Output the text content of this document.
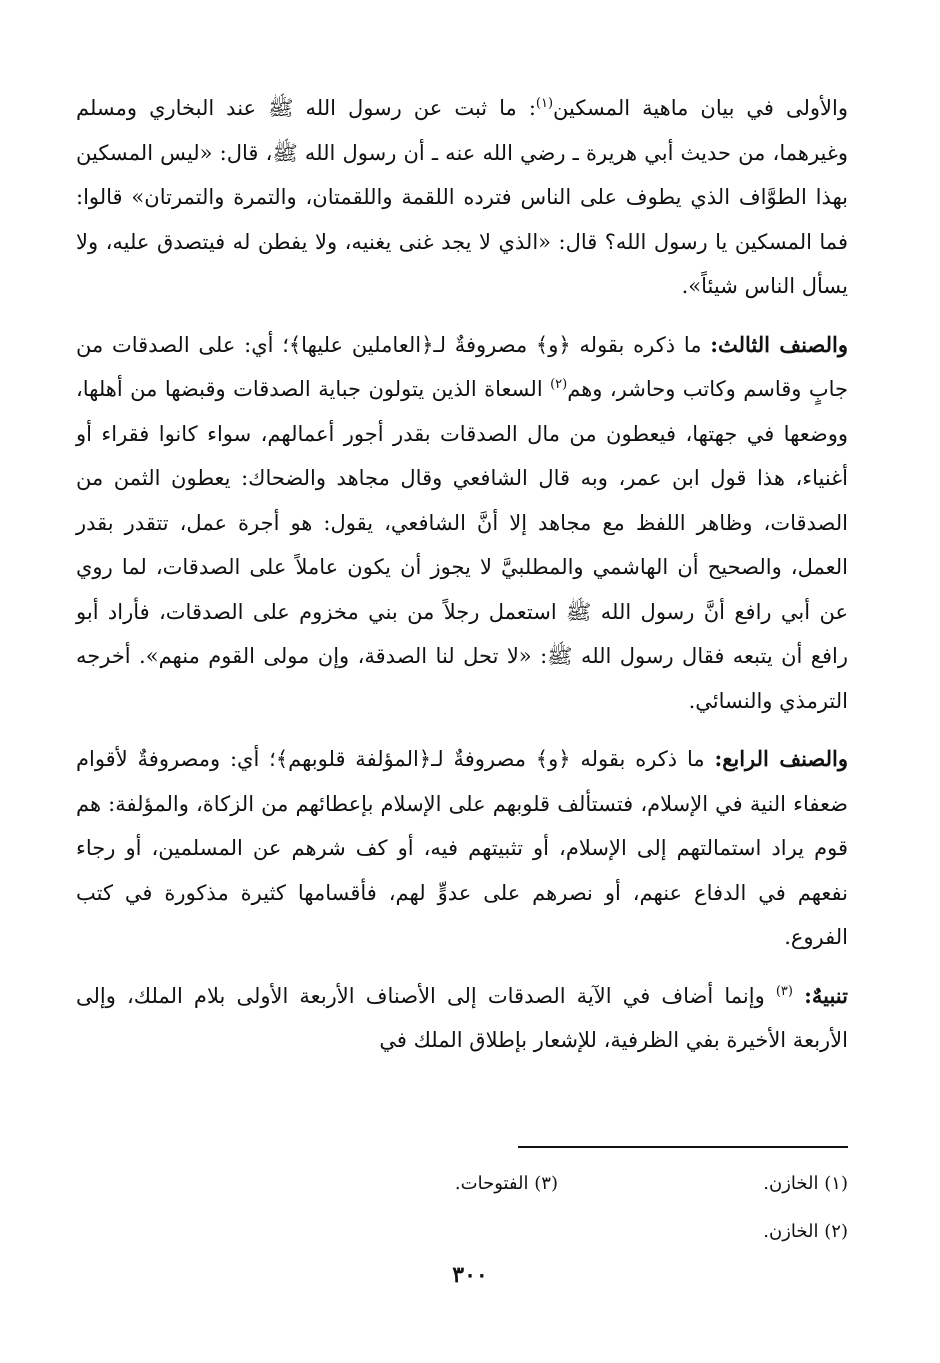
والأولى في بيان ماهية المسكين$^{(١)}$: ما ثبت عن رسول الله ﷺ عند البخاري ومسلم وغيرهما، من حديث أبي هريرة ـ رضي الله عنه ـ أن رسول الله ﷺ، قال: «ليس المسكين بهذا الطوَّاف الذي يطوف على الناس فترده اللقمة واللقمتان، والتمرة والتمرتان» قالوا: فما المسكين يا رسول الله؟ قال: «الذي لا يجد غنى يغنيه، ولا يفطن له فيتصدق عليه، ولا يسأل الناس شيئاً».

والصنف الثالث: ما ذكره بقوله ﴿و﴾ مصروفةٌ لـ﴿العاملين عليها﴾؛ أي: على الصدقات من جابٍ وقاسم وكاتب وحاشر، وهم$^{(٢)}$ السعاة الذين يتولون جباية الصدقات وقبضها من أهلها، ووضعها في جهتها، فيعطون من مال الصدقات بقدر أجور أعمالهم، سواء كانوا فقراء أو أغنياء، هذا قول ابن عمر، وبه قال الشافعي وقال مجاهد والضحاك: يعطون الثمن من الصدقات، وظاهر اللفظ مع مجاهد إلا أنَّ الشافعي، يقول: هو أجرة عمل، تتقدر بقدر العمل، والصحيح أن الهاشمي والمطلبيَّ لا يجوز أن يكون عاملاً على الصدقات، لما روي عن أبي رافع أنَّ رسول الله ﷺ استعمل رجلاً من بني مخزوم على الصدقات، فأراد أبو رافع أن يتبعه فقال رسول الله ﷺ: «لا تحل لنا الصدقة، وإن مولى القوم منهم». أخرجه الترمذي والنسائي.

والصنف الرابع: ما ذكره بقوله ﴿و﴾ مصروفةٌ لـ﴿المؤلفة قلوبهم﴾؛ أي: ومصروفةٌ لأقوام ضعفاء النية في الإسلام، فتستألف قلوبهم على الإسلام بإعطائهم من الزكاة، والمؤلفة: هم قوم يراد استمالتهم إلى الإسلام، أو تثبيتهم فيه، أو كف شرهم عن المسلمين، أو رجاء نفعهم في الدفاع عنهم، أو نصرهم على عدوٍّ لهم، فأقسامها كثيرة مذكورة في كتب الفروع.

تنبيهٌ: $^{(٣)}$ وإنما أضاف في الآية الصدقات إلى الأصناف الأربعة الأولى بلام الملك، وإلى الأربعة الأخيرة بفي الظرفية، للإشعار بإطلاق الملك في

(١) الخازن.
(٣) الفتوحات.
(٢) الخازن.
٣٠٠
